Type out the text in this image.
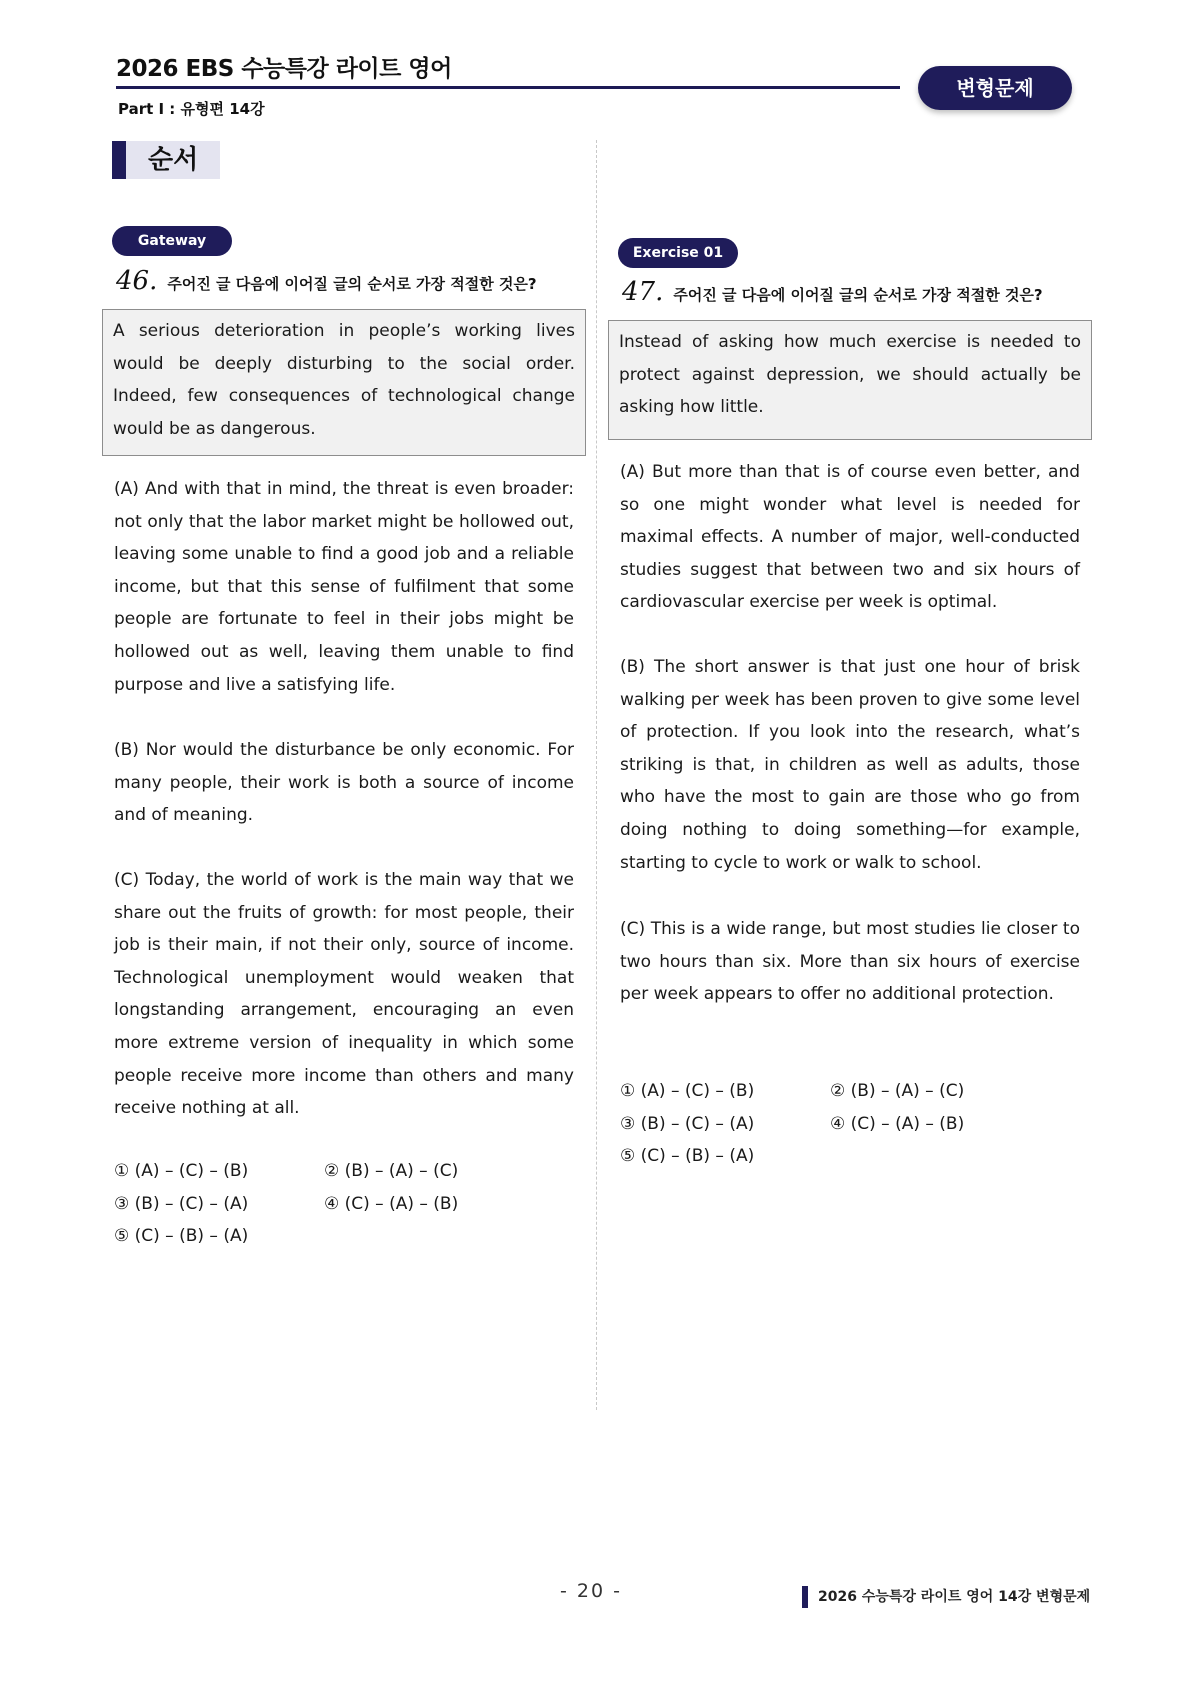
2026 EBS 수능특강 라이트 영어
Part Ⅰ : 유형편 14강
변형문제
순서
Gateway
46. 주어진 글 다음에 이어질 글의 순서로 가장 적절한 것은?
A serious deterioration in people’s working lives would be deeply disturbing to the social order. Indeed, few consequences of technological change would be as dangerous.
(A) And with that in mind, the threat is even broader: not only that the labor market might be hollowed out, leaving some unable to find a good job and a reliable income, but that this sense of fulfilment that some people are fortunate to feel in their jobs might be hollowed out as well, leaving them unable to find purpose and live a satisfying life.
(B) Nor would the disturbance be only economic. For many people, their work is both a source of income and of meaning.
(C) Today, the world of work is the main way that we share out the fruits of growth: for most people, their job is their main, if not their only, source of income. Technological unemployment would weaken that longstanding arrangement, encouraging an even more extreme version of inequality in which some people receive more income than others and many receive nothing at all.
① (A) – (C) – (B)	② (B) – (A) – (C)
③ (B) – (C) – (A)	④ (C) – (A) – (B)
⑤ (C) – (B) – (A)
Exercise 01
47. 주어진 글 다음에 이어질 글의 순서로 가장 적절한 것은?
Instead of asking how much exercise is needed to protect against depression, we should actually be asking how little.
(A) But more than that is of course even better, and so one might wonder what level is needed for maximal effects. A number of major, well-conducted studies suggest that between two and six hours of cardiovascular exercise per week is optimal.
(B) The short answer is that just one hour of brisk walking per week has been proven to give some level of protection. If you look into the research, what’s striking is that, in children as well as adults, those who have the most to gain are those who go from doing nothing to doing something—for example, starting to cycle to work or walk to school.
(C) This is a wide range, but most studies lie closer to two hours than six. More than six hours of exercise per week appears to offer no additional protection.
① (A) – (C) – (B)	② (B) – (A) – (C)
③ (B) – (C) – (A)	④ (C) – (A) – (B)
⑤ (C) – (B) – (A)
- 20 -	2026 수능특강 라이트 영어 14강 변형문제
